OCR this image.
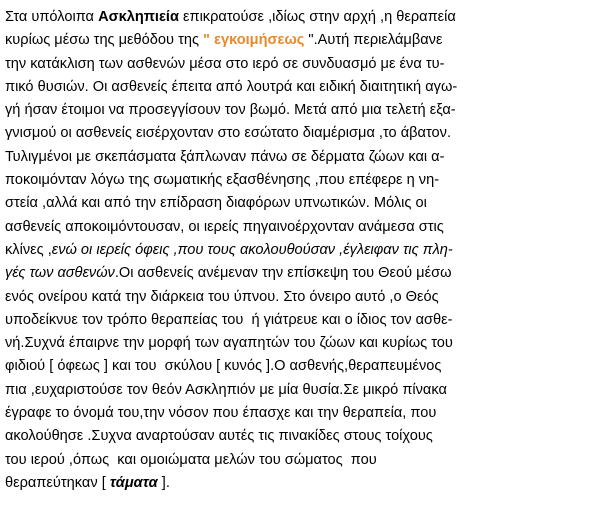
Στα υπόλοιπα Ασκληπιεία επικρατούσε ,ιδίως στην αρχή ,η θεραπεία
κυρίως μέσω της μεθόδου της " εγκοιμήσεως ".Αυτή περιελάμβανε
την κατάκλιση των ασθενών μέσα στο ιερό σε συνδυασμό με ένα τυ-
πικό θυσιών. Οι ασθενείς έπειτα από λουτρά και ειδική διαιτητική αγω-
γή ήσαν έτοιμοι να προσεγγίσουν τον βωμό. Μετά από μια τελετή εξα-
γνισμού οι ασθενείς εισέρχονταν στο εσώτατο διαμέρισμα ,το άβατον.
Τυλιγμένοι με σκεπάσματα ξάπλωναν πάνω σε δέρματα ζώων και α-
ποκοιμόνταν λόγω της σωματικής εξασθένησης ,που επέφερε η νη-
στεία ,αλλά και από την επίδραση διαφόρων υπνωτικών. Μόλις οι
ασθενείς αποκοιμόντουσαν, οι ιερείς πηγαινοέρχονταν ανάμεσα στις
κλίνες ,ενώ οι ιερείς όφεις ,που τους ακολουθούσαν ,έγλειφαν τις πλη-
γές των ασθενών.Οι ασθενείς ανέμεναν την επίσκεψη του Θεού μέσω
ενός ονείρου κατά την διάρκεια του ύπνου. Στο όνειρο αυτό ,ο Θεός
υποδείκνυε τον τρόπο θεραπείας του  ή γιάτρευε και ο ίδιος τον ασθε-
νή.Συχνά έπαιρνε την μορφή των αγαπητών του ζώων και κυρίως του
φιδιού [ όφεως ] και του  σκύλου [ κυνός ].Ο ασθενής,θεραπευμένος
πια ,ευχαριστούσε τον θεόν Ασκληπιόν με μία θυσία.Σε μικρό πίνακα
έγραφε το όνομά του,την νόσον που έπασχε και την θεραπεία, που
ακολούθησε .Συχνα αναρτούσαν αυτές τις πινακίδες στους τοίχους
του ιερού ,όπως  και ομοιώματα μελών του σώματος  που
θεραπεύτηκαν [ τάματα ].
